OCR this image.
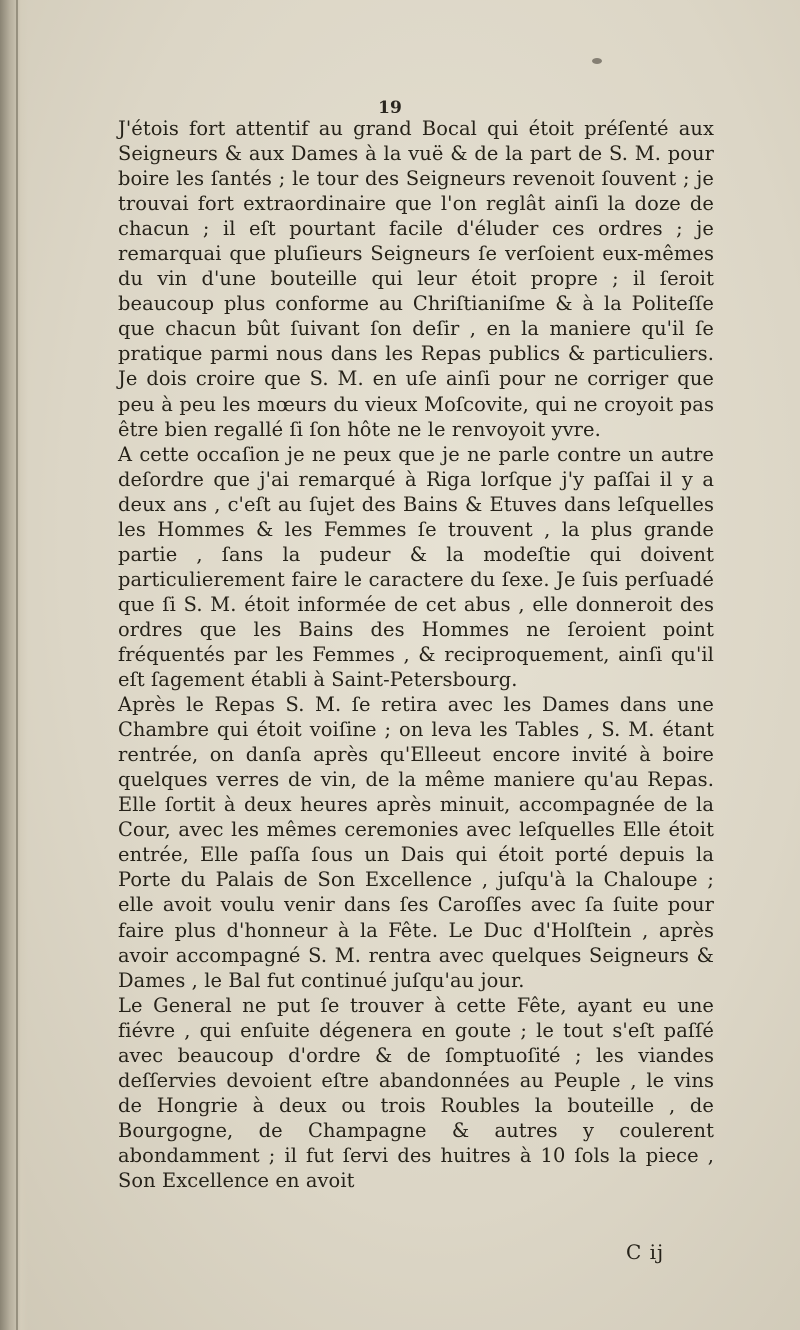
19

J'étois fort attentif au grand Bocal qui étoit préſenté aux Seigneurs & aux Dames à la vuë & de la part de S. M. pour boire les ſantés ; le tour des Seigneurs revenoit ſouvent ; je trouvai fort extraordinaire que l'on reglât ainſi la doze de chacun ; il eſt pourtant facile d'éluder ces ordres ; je remarquai que pluſieurs Seigneurs ſe verſoient eux-mêmes du vin d'une bouteille qui leur étoit propre ; il ſeroit beaucoup plus conforme au Chriſtianiſme & à la Politeſſe que chacun bût ſuivant ſon deſir , en la maniere qu'il ſe pratique parmi nous dans les Repas publics & particuliers. Je dois croire que S. M. en uſe ainſi pour ne corriger que peu à peu les mœurs du vieux Moſcovite, qui ne croyoit pas être bien regallé ſi ſon hôte ne le renvoyoit yvre.

A cette occaſion je ne peux que je ne parle contre un autre deſordre que j'ai remarqué à Riga lorſque j'y paſſai il y a deux ans , c'eſt au ſujet des Bains & Etuves dans leſquelles les Hommes & les Femmes ſe trouvent , la plus grande partie , ſans la pudeur & la modeſtie qui doivent particulierement faire le caractere du ſexe. Je ſuis perſuadé que ſi S. M. étoit informée de cet abus , elle donneroit des ordres que les Bains des Hommes ne ſeroient point fréquentés par les Femmes , & reciproquement, ainſi qu'il eſt ſagement établi à Saint-Petersbourg.

Après le Repas S. M. ſe retira avec les Dames dans une Chambre qui étoit voiſine ; on leva les Tables , S. M. étant rentrée, on danſa après qu'Elleeut encore invité à boire quelques verres de vin, de la même maniere qu'au Repas. Elle ſortit à deux heures après minuit, accompagnée de la Cour, avec les mêmes ceremonies avec leſquelles Elle étoit entrée, Elle paſſa ſous un Dais qui étoit porté depuis la Porte du Palais de Son Excellence , juſqu'à la Chaloupe ; elle avoit voulu venir dans ſes Caroſſes avec ſa ſuite pour faire plus d'honneur à la Fête. Le Duc d'Holſtein , après avoir accompagné S. M. rentra avec quelques Seigneurs & Dames , le Bal fut continué juſqu'au jour.

Le General ne put ſe trouver à cette Fête, ayant eu une fiévre , qui enſuite dégenera en goute ; le tout s'eſt paſſé avec beaucoup d'ordre & de ſomptuoſité ; les viandes deſſervies devoient eſtre abandonnées au Peuple , le vins de Hongrie à deux ou trois Roubles la bouteille , de Bourgogne, de Champagne & autres y coulerent abondamment ; il fut ſervi des huitres à 10 ſols la piece , Son Excellence en avoit

C ij
